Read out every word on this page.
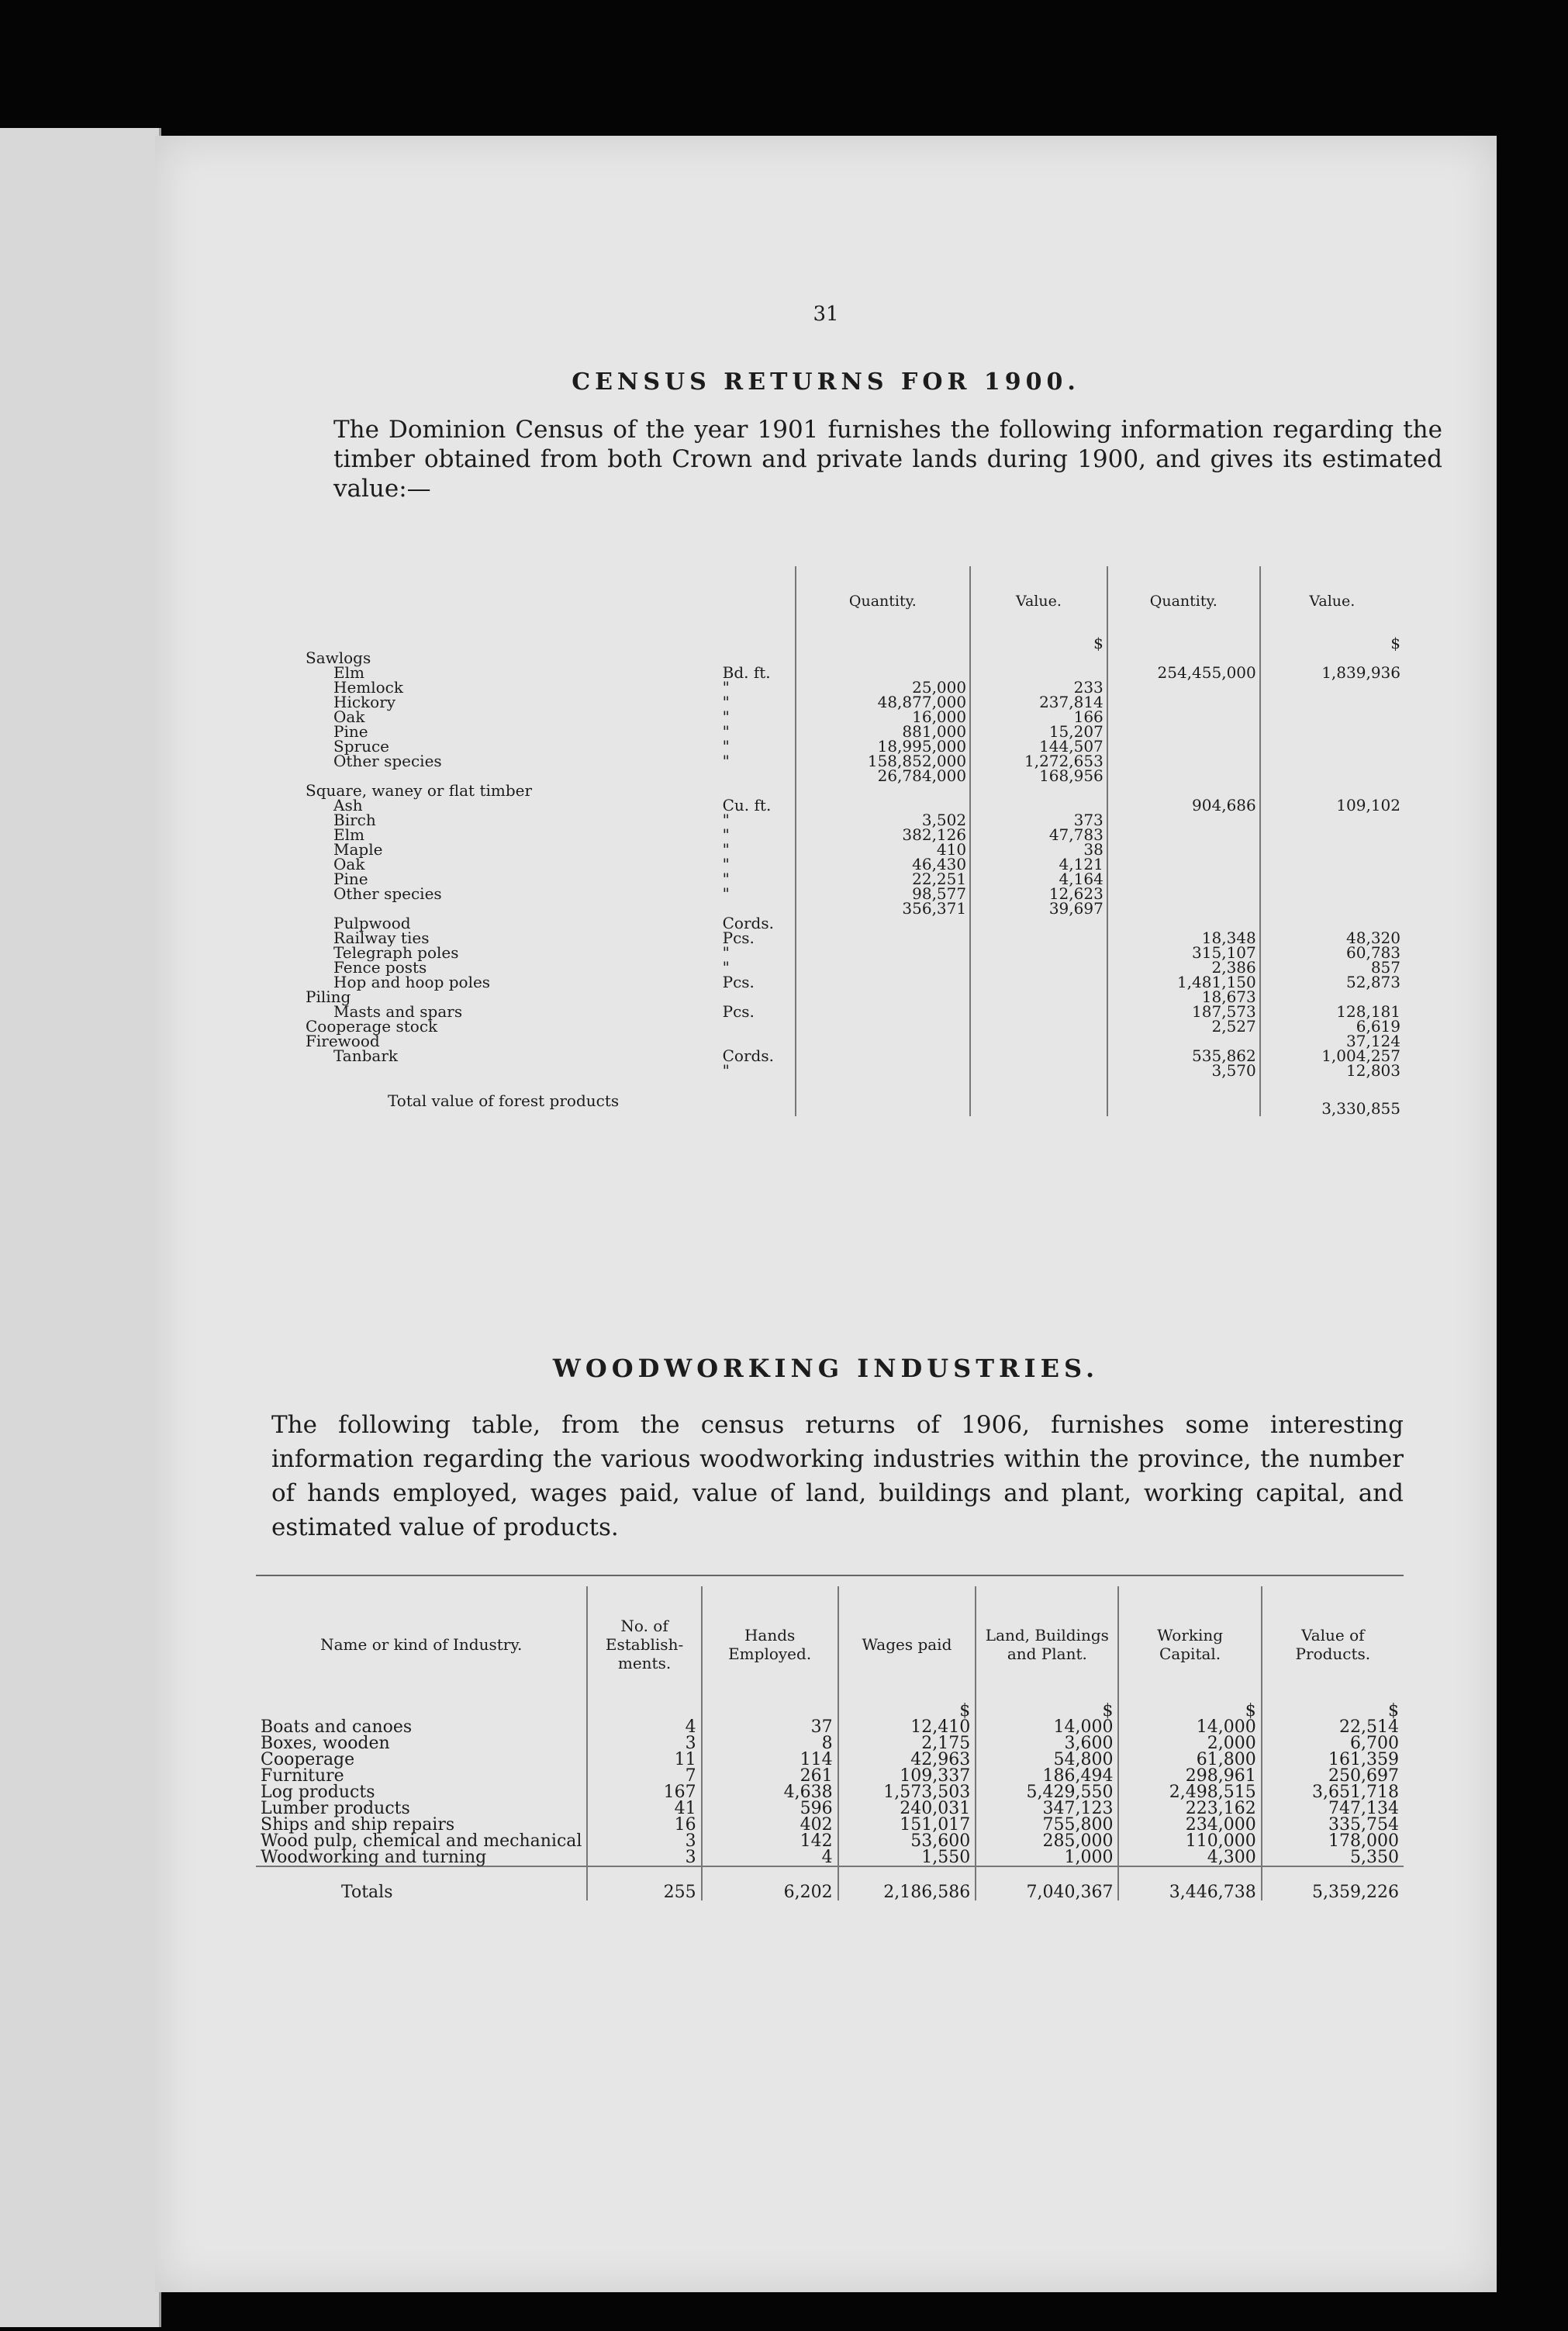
31
CENSUS RETURNS FOR 1900.
The Dominion Census of the year 1901 furnishes the following information regarding the timber obtained from both Crown and private lands during 1900, and gives its estimated value:—
		Quantity.	Value.	Quantity.	Value.
			$		$
Sawlogs					
Elm	Bd. ft.			254,455,000	1,839,936
Hemlock	"	25,000	233		
Hickory	"	48,877,000	237,814		
Oak	"	16,000	166		
Pine	"	881,000	15,207		
Spruce	"	18,995,000	144,507		
Other species	"	158,852,000	1,272,653		
		26,784,000	168,956		
Square, waney or flat timber					
Ash	Cu. ft.			904,686	109,102
Birch	"	3,502	373		
Elm	"	382,126	47,783		
Maple	"	410	38		
Oak	"	46,430	4,121		
Pine	"	22,251	4,164		
Other species	"	98,577	12,623		
		356,371	39,697		
Pulpwood	Cords.				
Railway ties	Pcs.			18,348	48,320
Telegraph poles	"			315,107	60,783
Fence posts	"			2,386	857
Hop and hoop poles	Pcs.			1,481,150	52,873
Piling				18,673	
Masts and spars	Pcs.			187,573	128,181
Cooperage stock				2,527	6,619
Firewood					37,124
Tanbark	Cords.			535,862	1,004,257
	"			3,570	12,803
Total value of forest products					3,330,855
WOODWORKING INDUSTRIES.
The following table, from the census returns of 1906, furnishes some interesting information regarding the various woodworking industries within the province, the number of hands employed, wages paid, value of land, buildings and plant, working capital, and estimated value of products.
Name or kind of Industry.	No. of Establish-ments.	Hands Employed.	Wages paid	Land, Buildings and Plant.	Working Capital.	Value of Products.
			$	$	$	$
Boats and canoes	4	37	12,410	14,000	14,000	22,514
Boxes, wooden	3	8	2,175	3,600	2,000	6,700
Cooperage	11	114	42,963	54,800	61,800	161,359
Furniture	7	261	109,337	186,494	298,961	250,697
Log products	167	4,638	1,573,503	5,429,550	2,498,515	3,651,718
Lumber products	41	596	240,031	347,123	223,162	747,134
Ships and ship repairs	16	402	151,017	755,800	234,000	335,754
Wood pulp, chemical and mechanical	3	142	53,600	285,000	110,000	178,000
Woodworking and turning	3	4	1,550	1,000	4,300	5,350
Totals	255	6,202	2,186,586	7,040,367	3,446,738	5,359,226
